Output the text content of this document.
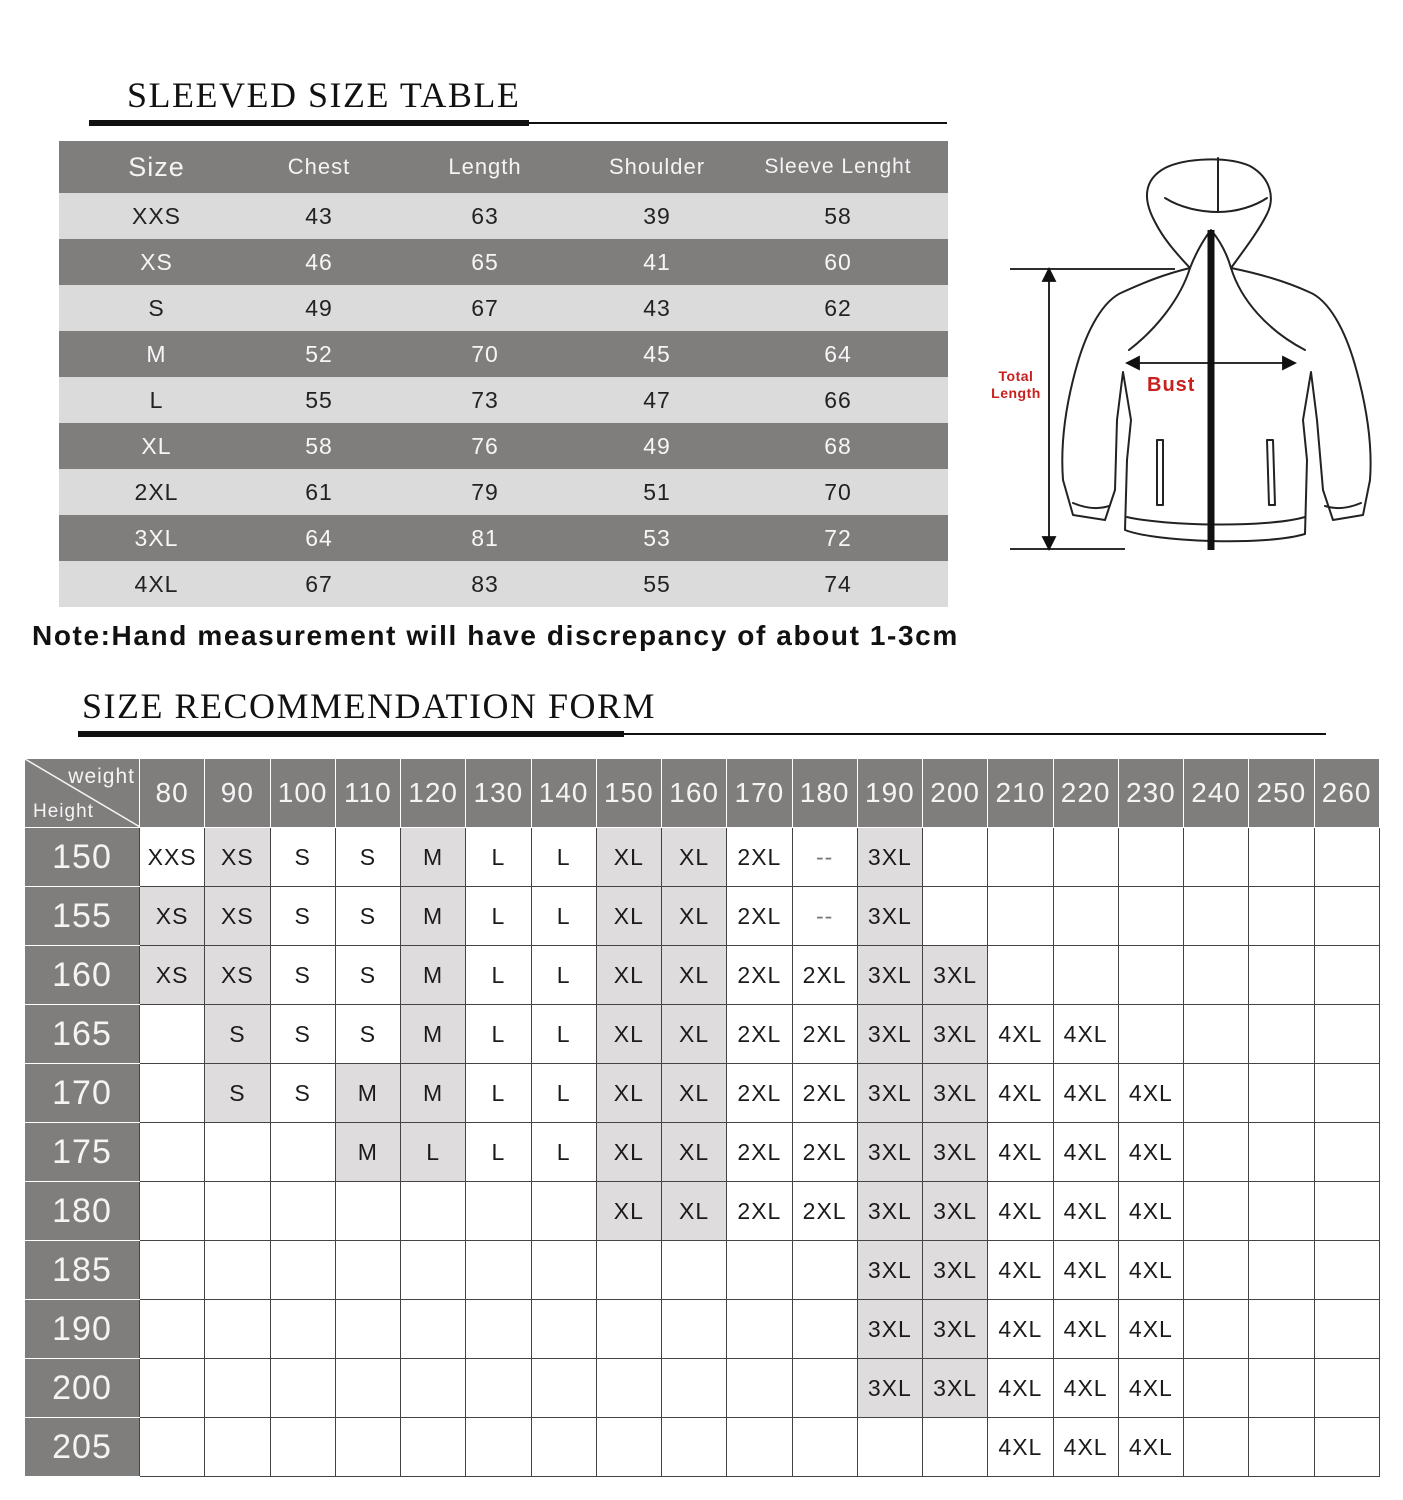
SLEEVED SIZE TABLE
Size	Chest	Length	Shoulder	Sleeve Lenght
XXS	43	63	39	58
XS	46	65	41	60
S	49	67	43	62
M	52	70	45	64
L	55	73	47	66
XL	58	76	49	68
2XL	61	79	51	70
3XL	64	81	53	72
4XL	67	83	55	74

Note:Hand measurement will have discrepancy of about 1-3cm

Total
Length	Bust
SIZE RECOMMENDATION FORM
weight
Height	80	90	100	110	120	130	140	150	160	170	180	190	200	210	220	230	240	250	260
150	XXS	XS	S	S	M	L	L	XL	XL	2XL	--	3XL							
155	XS	XS	S	S	M	L	L	XL	XL	2XL	--	3XL							
160	XS	XS	S	S	M	L	L	XL	XL	2XL	2XL	3XL	3XL						
165		S	S	S	M	L	L	XL	XL	2XL	2XL	3XL	3XL	4XL	4XL				
170		S	S	M	M	L	L	XL	XL	2XL	2XL	3XL	3XL	4XL	4XL	4XL			
175				M	L	L	L	XL	XL	2XL	2XL	3XL	3XL	4XL	4XL	4XL			
180								XL	XL	2XL	2XL	3XL	3XL	4XL	4XL	4XL			
185												3XL	3XL	4XL	4XL	4XL			
190												3XL	3XL	4XL	4XL	4XL			
200												3XL	3XL	4XL	4XL	4XL			
205														4XL	4XL	4XL			
